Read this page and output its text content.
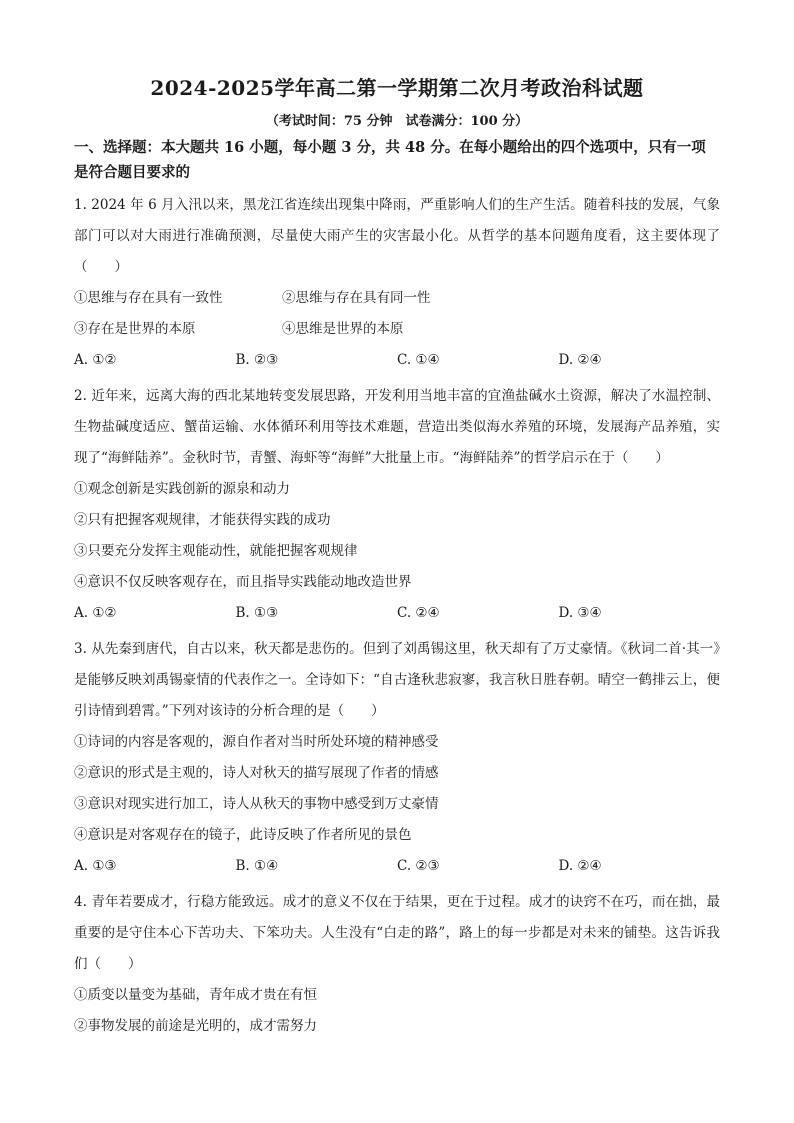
2024-2025学年高二第一学期第二次月考政治科试题
（考试时间：75 分钟　试卷满分：100 分）
一、选择题：本大题共 16 小题，每小题 3 分，共 48 分。在每小题给出的四个选项中，只有一项是符合题目要求的
1. 2024 年 6 月入汛以来，黑龙江省连续出现集中降雨，严重影响人们的生产生活。随着科技的发展，气象部门可以对大雨进行准确预测，尽量使大雨产生的灾害最小化。从哲学的基本问题角度看，这主要体现了（　　）
①思维与存在具有一致性	②思维与存在具有同一性
③存在是世界的本原	④思维是世界的本原
A. ①②	B. ②③	C. ①④	D. ②④
2. 近年来，远离大海的西北某地转变发展思路，开发利用当地丰富的宜渔盐碱水土资源，解决了水温控制、生物盐碱度适应、蟹苗运输、水体循环利用等技术难题，营造出类似海水养殖的环境，发展海产品养殖，实现了“海鲜陆养”。金秋时节，青蟹、海虾等“海鲜”大批量上市。“海鲜陆养”的哲学启示在于（　　）
①观念创新是实践创新的源泉和动力
②只有把握客观规律，才能获得实践的成功
③只要充分发挥主观能动性，就能把握客观规律
④意识不仅反映客观存在，而且指导实践能动地改造世界
A. ①②	B. ①③	C. ②④	D. ③④
3. 从先秦到唐代，自古以来，秋天都是悲伤的。但到了刘禹锡这里，秋天却有了万丈豪情。《秋词二首·其一》是能够反映刘禹锡豪情的代表作之一。全诗如下：“自古逢秋悲寂寥，我言秋日胜春朝。晴空一鹤排云上，便引诗情到碧霄。”下列对该诗的分析合理的是（　　）
①诗词的内容是客观的，源自作者对当时所处环境的精神感受
②意识的形式是主观的，诗人对秋天的描写展现了作者的情感
③意识对现实进行加工，诗人从秋天的事物中感受到万丈豪情
④意识是对客观存在的镜子，此诗反映了作者所见的景色
A. ①③	B. ①④	C. ②③	D. ②④
4. 青年若要成才，行稳方能致远。成才的意义不仅在于结果，更在于过程。成才的诀窍不在巧，而在拙，最重要的是守住本心下苦功夫、下笨功夫。人生没有“白走的路”，路上的每一步都是对未来的铺垫。这告诉我们（　　）
①质变以量变为基础，青年成才贵在有恒
②事物发展的前途是光明的，成才需努力
